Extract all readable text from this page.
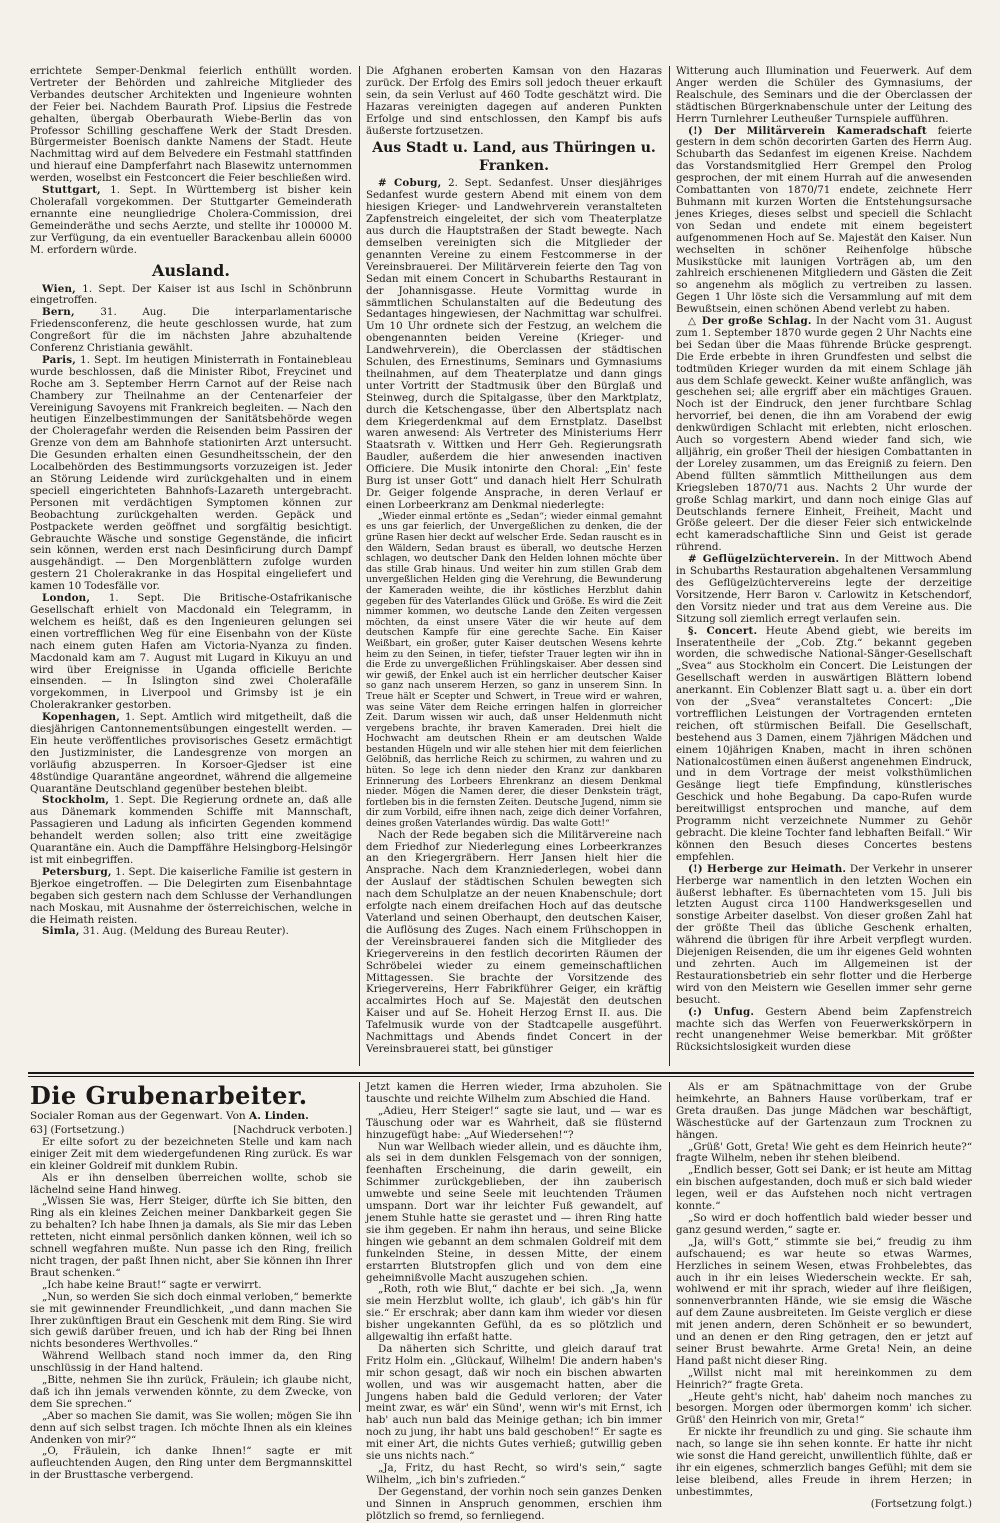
errichtete Semper-Denkmal feierlich enthüllt worden. Vertreter der Behörden und zahlreiche Mitglieder des Verbandes deutscher Architekten und Ingenieure wohnten der Feier bei. Nachdem Baurath Prof. Lipsius die Festrede gehalten, übergab Oberbaurath Wiebe-Berlin das von Professor Schilling geschaffene Werk der Stadt Dresden. Bürgermeister Boenisch dankte Namens der Stadt. Heute Nachmittag wird auf dem Belvedere ein Festmahl stattfinden und hierauf eine Dampferfahrt nach Blasewitz unternommen werden, woselbst ein Festconcert die Feier beschließen wird.

Stuttgart, 1. Sept. In Württemberg ist bisher kein Cholerafall vorgekommen. Der Stuttgarter Gemeinderath ernannte eine neungliedrige Cholera-Commission, drei Gemeinderäthe und sechs Aerzte, und stellte ihr 100000 M. zur Verfügung, da ein eventueller Barackenbau allein 60000 M. erfordern würde.

Ausland.

Wien, 1. Sept. Der Kaiser ist aus Ischl in Schönbrunn eingetroffen.

Bern, 31. Aug. Die interparlamentarische Friedensconferenz, die heute geschlossen wurde, hat zum Congreßort für die im nächsten Jahre abzuhaltende Conferenz Christiania gewählt.

Paris, 1. Sept. Im heutigen Ministerrath in Fontainebleau wurde beschlossen, daß die Minister Ribot, Freycinet und Roche am 3. September Herrn Carnot auf der Reise nach Chambery zur Theilnahme an der Centenarfeier der Vereinigung Savoyens mit Frankreich begleiten. — Nach den heutigen Einzelbestimmungen der Sanitätsbehörde wegen der Choleragefahr werden die Reisenden beim Passiren der Grenze von dem am Bahnhofe stationirten Arzt untersucht. Die Gesunden erhalten einen Gesundheitsschein, der den Localbehörden des Bestimmungsorts vorzuzeigen ist. Jeder an Störung Leidende wird zurückgehalten und in einem speciell eingerichteten Bahnhofs-Lazareth untergebracht. Personen mit verdächtigen Symptomen können zur Beobachtung zurückgehalten werden. Gepäck und Postpackete werden geöffnet und sorgfältig besichtigt. Gebrauchte Wäsche und sonstige Gegenstände, die inficirt sein können, werden erst nach Desinficirung durch Dampf ausgehändigt. — Den Morgenblättern zufolge wurden gestern 21 Cholerakranke in das Hospital eingeliefert und kamen 10 Todesfälle vor.

London, 1. Sept. Die Britische-Ostafrikanische Gesellschaft erhielt von Macdonald ein Telegramm, in welchem es heißt, daß es den Ingenieuren gelungen sei einen vortrefflichen Weg für eine Eisenbahn von der Küste nach einem guten Hafen am Victoria-Nyanza zu finden. Macdonald kam am 7. August mit Lugard in Kikuyu an und wird über Ereignisse in Uganda officielle Berichte einsenden. — In Islington sind zwei Cholerafälle vorgekommen, in Liverpool und Grimsby ist je ein Cholerakranker gestorben.

Kopenhagen, 1. Sept. Amtlich wird mitgetheilt, daß die diesjährigen Cantonnementsübungen eingestellt werden. — Ein heute veröffentliches provisorisches Gesetz ermächtigt den Justizminister, die Landesgrenze von morgen an vorläufig abzusperren. In Korsoer-Gjedser ist eine 48stündige Quarantäne angeordnet, während die allgemeine Quarantäne Deutschland gegenüber bestehen bleibt.

Stockholm, 1. Sept. Die Regierung ordnete an, daß alle aus Dänemark kommenden Schiffe mit Mannschaft, Passagieren und Ladung als inficirten Gegenden kommend behandelt werden sollen; also tritt eine zweitägige Quarantäne ein. Auch die Dampffähre Helsingborg-Helsingör ist mit einbegriffen.

Petersburg, 1. Sept. Die kaiserliche Familie ist gestern in Bjerkoe eingetroffen. — Die Delegirten zum Eisenbahntage begaben sich gestern nach dem Schlusse der Verhandlungen nach Moskau, mit Ausnahme der österreichischen, welche in die Heimath reisten.

Simla, 31. Aug. (Meldung des Bureau Reuter).

Die Afghanen eroberten Kamsan von den Hazaras zurück. Der Erfolg des Emirs soll jedoch theuer erkauft sein, da sein Verlust auf 460 Todte geschätzt wird. Die Hazaras vereinigten dagegen auf anderen Punkten Erfolge und sind entschlossen, den Kampf bis aufs äußerste fortzusetzen.

Aus Stadt u. Land, aus Thüringen u. Franken.

# Coburg, 2. Sept. Sedanfest. Unser diesjähriges Sedanfest wurde gestern Abend mit einem von dem hiesigen Krieger- und Landwehrverein veranstalteten Zapfenstreich eingeleitet, der sich vom Theaterplatze aus durch die Hauptstraßen der Stadt bewegte. Nach demselben vereinigten sich die Mitglieder der genannten Vereine zu einem Festcommerse in der Vereinsbrauerei. Der Militärverein feierte den Tag von Sedan mit einem Concert in Schubarths Restaurant in der Johannisgasse. Heute Vormittag wurde in sämmtlichen Schulanstalten auf die Bedeutung des Sedantages hingewiesen, der Nachmittag war schulfrei. Um 10 Uhr ordnete sich der Festzug, an welchem die obengenannten beiden Vereine (Krieger- und Landwehrverein), die Oberclassen der städtischen Schulen, des Ernestinums, Seminars und Gymnasiums theilnahmen, auf dem Theaterplatze und dann gings unter Vortritt der Stadtmusik über den Bürglaß und Steinweg, durch die Spitalgasse, über den Marktplatz, durch die Ketschengasse, über den Albertsplatz nach dem Kriegerdenkmal auf dem Ernstplatz. Daselbst waren anwesend: Als Vertreter des Ministeriums Herr Staatsrath v. Wittken und Herr Geh. Regierungsrath Baudler, außerdem die hier anwesenden inactiven Officiere. Die Musik intonirte den Choral: „Ein' feste Burg ist unser Gott“ und danach hielt Herr Schulrath Dr. Geiger folgende Ansprache, in deren Verlauf er einen Lorbeerkranz am Denkmal niederlegte:

„Wieder einmal ertönte es „Sedan“; wieder einmal gemahnt es uns gar feierlich, der Unvergeßlichen zu denken, die der grüne Rasen hier deckt auf welscher Erde. Sedan rauscht es in den Wäldern, Sedan braust es überall, wo deutsche Herzen schlagen, wo deutscher Dank den Helden lohnen möchte über das stille Grab hinaus. Und weiter hin zum stillen Grab dem unvergeßlichen Helden ging die Verehrung, die Bewunderung der Kameraden weihte, die ihr köstliches Herzblut dahin gegeben für des Vaterlandes Glück und Größe. Es wird die Zeit nimmer kommen, wo deutsche Lande den Zeiten vergessen möchten, da einst unsere Väter die wir heute auf dem deutschen Kampfe für eine gerechte Sache. Ein Kaiser Weißbart, ein großer, guter Kaiser deutschen Wesens kehrte heim zu den Seinen, in tiefer, tiefster Trauer legten wir ihn in die Erde zu unvergeßlichen Frühlingskaiser. Aber dessen sind wir gewiß, der Enkel auch ist ein herrlicher deutscher Kaiser so ganz nach unserem Herzen, so ganz in unserem Sinn. In Treue hält er Scepter und Schwert, in Treue wird er wahren, was seine Väter dem Reiche erringen halfen in glorreicher Zeit. Darum wissen wir auch, daß unser Heldenmuth nicht vergebens brachte, ihr braven Kameraden. Drei hielt die Hochwacht am deutschen Rhein er am deutschen Walde bestanden Hügeln und wir alle stehen hier mit dem feierlichen Gelöbniß, das herrliche Reich zu schirmen, zu wahren und zu hüten. So lege ich denn nieder den Kranz zur dankbaren Erinnerung des Lorbeers Ehrenkranz an diesem Denkmal nieder. Mögen die Namen derer, die dieser Denkstein trägt, fortleben bis in die fernsten Zeiten. Deutsche Jugend, nimm sie dir zum Vorbild, eifre ihnen nach, zeige dich deiner Vorfahren, deines großen Vaterlandes würdig. Das walte Gott!“

Nach der Rede begaben sich die Militärvereine nach dem Friedhof zur Niederlegung eines Lorbeerkranzes an den Kriegergräbern. Herr Jansen hielt hier die Ansprache. Nach dem Kranzniederlegen, wobei dann der Auslauf der städtischen Schulen bewegten sich nach dem Schulplatze an der neuen Knabenschule; dort erfolgte nach einem dreifachen Hoch auf das deutsche Vaterland und seinen Oberhaupt, den deutschen Kaiser, die Auflösung des Zuges. Nach einem Frühschoppen in der Vereinsbrauerei fanden sich die Mitglieder des Kriegervereins in den festlich decorirten Räumen der Schröbelei wieder zu einem gemeinschaftlichen Mittagessen. Sie brachte der Vorsitzende des Kriegervereins, Herr Fabrikführer Geiger, ein kräftig accalmirtes Hoch auf Se. Majestät den deutschen Kaiser und auf Se. Hoheit Herzog Ernst II. aus. Die Tafelmusik wurde von der Stadtcapelle ausgeführt. Nachmittags und Abends findet Concert in der Vereinsbrauerei statt, bei günstiger

Witterung auch Illumination und Feuerwerk. Auf dem Anger werden die Schüler des Gymnasiums, der Realschule, des Seminars und die der Oberclassen der städtischen Bürgerknabenschule unter der Leitung des Herrn Turnlehrer Leutheußer Turnspiele aufführen.

(!) Der Militärverein Kameradschaft feierte gestern in dem schön decorirten Garten des Herrn Aug. Schubarth das Sedanfest im eigenen Kreise. Nachdem das Vorstandsmitglied Herr Grempel den Prolog gesprochen, der mit einem Hurrah auf die anwesenden Combattanten von 1870/71 endete, zeichnete Herr Buhmann mit kurzen Worten die Entstehungsursache jenes Krieges, dieses selbst und speciell die Schlacht von Sedan und endete mit einem begeistert aufgenommenen Hoch auf Se. Majestät den Kaiser. Nun wechselten in schöner Reihenfolge hübsche Musikstücke mit launigen Vorträgen ab, um den zahlreich erschienenen Mitgliedern und Gästen die Zeit so angenehm als möglich zu vertreiben zu lassen. Gegen 1 Uhr löste sich die Versammlung auf mit dem Bewußtsein, einen schönen Abend verlebt zu haben.

△ Der große Schlag. In der Nacht vom 31. August zum 1. September 1870 wurde gegen 2 Uhr Nachts eine bei Sedan über die Maas führende Brücke gesprengt. Die Erde erbebte in ihren Grundfesten und selbst die todtmüden Krieger wurden da mit einem Schlage jäh aus dem Schlafe geweckt. Keiner wußte anfänglich, was geschehen sei; alle ergriff aber ein mächtiges Grauen. Noch ist der Eindruck, den jener furchtbare Schlag hervorrief, bei denen, die ihn am Vorabend der ewig denkwürdigen Schlacht mit erlebten, nicht erloschen. Auch so vorgestern Abend wieder fand sich, wie alljährig, ein großer Theil der hiesigen Combattanten in der Loreley zusammen, um das Ereigniß zu feiern. Den Abend füllten sämmtlich Mittheilungen aus dem Kriegsleben 1870/71 aus. Nachts 2 Uhr wurde der große Schlag markirt, und dann noch einige Glas auf Deutschlands fernere Einheit, Freiheit, Macht und Größe geleert. Der die dieser Feier sich entwickelnde echt kameradschaftliche Sinn und Geist ist gerade rührend.

# Geflügelzüchterverein. In der Mittwoch Abend in Schubarths Restauration abgehaltenen Versammlung des Geflügelzüchtervereins legte der derzeitige Vorsitzende, Herr Baron v. Carlowitz in Ketschendorf, den Vorsitz nieder und trat aus dem Vereine aus. Die Sitzung soll ziemlich erregt verlaufen sein.

§. Concert. Heute Abend giebt, wie bereits im Inseratentheile der „Cob. Ztg.“ bekannt gegeben worden, die schwedische National-Sänger-Gesellschaft „Svea“ aus Stockholm ein Concert. Die Leistungen der Gesellschaft werden in auswärtigen Blättern lobend anerkannt. Ein Coblenzer Blatt sagt u. a. über ein dort von der „Svea“ veranstaltetes Concert: „Die vortrefflichen Leistungen der Vortragenden ernteten reichen, oft stürmischen Beifall. Die Gesellschaft, bestehend aus 3 Damen, einem 7jährigen Mädchen und einem 10jährigen Knaben, macht in ihren schönen Nationalcostümen einen äußerst angenehmen Eindruck, und in dem Vortrage der meist volksthümlichen Gesänge liegt tiefe Empfindung, künstlerisches Geschick und hohe Begabung. Da capo-Rufen wurde bereitwilligst entsprochen und manche, auf dem Programm nicht verzeichnete Nummer zu Gehör gebracht. Die kleine Tochter fand lebhaften Beifall.“ Wir können den Besuch dieses Concertes bestens empfehlen.

(!) Herberge zur Heimath. Der Verkehr in unserer Herberge war namentlich in den letzten Wochen ein äußerst lebhafter. Es übernachteten vom 15. Juli bis letzten August circa 1100 Handwerksgesellen und sonstige Arbeiter daselbst. Von dieser großen Zahl hat der größte Theil das übliche Geschenk erhalten, während die übrigen für ihre Arbeit verpflegt wurden. Diejenigen Reisenden, die um ihr eigenes Geld wohnten und zehrten. Auch im Allgemeinen ist der Restaurationsbetrieb ein sehr flotter und die Herberge wird von den Meistern wie Gesellen immer sehr gerne besucht.

(:) Unfug. Gestern Abend beim Zapfenstreich machte sich das Werfen von Feuerwerkskörpern in recht unangenehmer Weise bemerkbar. Mit größter Rücksichtslosigkeit wurden diese

Die Grubenarbeiter.
Socialer Roman aus der Gegenwart. Von A. Linden.

63] (Fortsetzung.)	[Nachdruck verboten.]

Er eilte sofort zu der bezeichneten Stelle und kam nach einiger Zeit mit dem wiedergefundenen Ring zurück. Es war ein kleiner Goldreif mit dunklem Rubin.

Als er ihn denselben überreichen wollte, schob sie lächelnd seine Hand hinweg.

„Wissen Sie was, Herr Steiger, dürfte ich Sie bitten, den Ring als ein kleines Zeichen meiner Dankbarkeit gegen Sie zu behalten? Ich habe Ihnen ja damals, als Sie mir das Leben retteten, nicht einmal persönlich danken können, weil ich so schnell wegfahren mußte. Nun passe ich den Ring, freilich nicht tragen, der paßt Ihnen nicht, aber Sie können ihn Ihrer Braut schenken.“

„Ich habe keine Braut!“ sagte er verwirrt.

„Nun, so werden Sie sich doch einmal verloben,“ bemerkte sie mit gewinnender Freundlichkeit, „und dann machen Sie Ihrer zukünftigen Braut ein Geschenk mit dem Ring. Sie wird sich gewiß darüber freuen, und ich hab der Ring bei Ihnen nichts besonderes Werthvolles.“

Während Wellbach stand noch immer da, den Ring unschlüssig in der Hand haltend.

„Bitte, nehmen Sie ihn zurück, Fräulein; ich glaube nicht, daß ich ihn jemals verwenden könnte, zu dem Zwecke, von dem Sie sprechen.“

„Aber so machen Sie damit, was Sie wollen; mögen Sie ihn denn auf sich selbst tragen. Ich möchte Ihnen als ein kleines Andenken von mir?“

„O, Fräulein, ich danke Ihnen!“ sagte er mit aufleuchtenden Augen, den Ring unter dem Bergmannskittel in der Brusttasche verbergend.

Jetzt kamen die Herren wieder, Irma abzuholen. Sie tauschte und reichte Wilhelm zum Abschied die Hand.

„Adieu, Herr Steiger!“ sagte sie laut, und — war es Täuschung oder war es Wahrheit, daß sie flüsternd hinzugefügt habe: „Auf Wiedersehen!“?

Nun war Wellbach wieder allein, und es däuchte ihm, als sei in dem dunklen Felsgemach von der sonnigen, feenhaften Erscheinung, die darin geweilt, ein Schimmer zurückgeblieben, der ihn zauberisch umwebte und seine Seele mit leuchtenden Träumen umspann. Dort war ihr leichter Fuß gewandelt, auf jenem Stuhle hatte sie gerastet und — ihren Ring hatte sie ihm gegeben. Er nahm ihn heraus, und seine Blicke hingen wie gebannt an dem schmalen Goldreif mit dem funkelnden Steine, in dessen Mitte, der einem erstarrten Blutstropfen glich und von dem eine geheimnißvolle Macht auszugehen schien.

„Roth, roth wie Blut,“ dachte er bei sich. „Ja, wenn sie mein Herzblut wollte, ich glaub', ich gäb's hin für sie.“ Er erschrak; aber dann kam ihm wieder vor diesen bisher ungekannten Gefühl, da es so plötzlich und allgewaltig ihn erfaßt hatte.

Da näherten sich Schritte, und gleich darauf trat Fritz Holm ein. „Glückauf, Wilhelm! Die andern haben's mir schon gesagt, daß wir noch ein bischen abwarten wollen, und was wir ausgemacht hatten, aber die Jungens haben bald die Geduld verloren; der Vater meint zwar, es wär' ein Sünd', wenn wir's mit Ernst, ich hab' auch nun bald das Meinige gethan; ich bin immer noch zu jung, ihr habt uns bald geschoben!“ Er sagte es mit einer Art, die nichts Gutes verhieß; gutwillig geben sie uns nichts nach.“

„Ja, Fritz, du hast Recht, so wird's sein,“ sagte Wilhelm, „ich bin's zufrieden.“

Der Gegenstand, der vorhin noch sein ganzes Denken und Sinnen in Anspruch genommen, erschien ihm plötzlich so fremd, so fernliegend.

Als er am Spätnachmittage von der Grube heimkehrte, an Bahners Hause vorüberkam, traf er Greta draußen. Das junge Mädchen war beschäftigt, Wäschestücke auf der Gartenzaun zum Trocknen zu hängen.

„Grüß' Gott, Greta! Wie geht es dem Heinrich heute?“ fragte Wilhelm, neben ihr stehen bleibend.

„Endlich besser, Gott sei Dank; er ist heute am Mittag ein bischen aufgestanden, doch muß er sich bald wieder legen, weil er das Aufstehen noch nicht vertragen konnte.“

„So wird er doch hoffentlich bald wieder besser und ganz gesund werden,“ sagte er.

„Ja, will's Gott,“ stimmte sie bei,“ freudig zu ihm aufschauend; es war heute so etwas Warmes, Herzliches in seinem Wesen, etwas Frohbelebtes, das auch in ihr ein leises Wiederschein weckte. Er sah, wohlwend er mit ihr sprach, wieder auf ihre fleißigen, sonnenverbrannten Hände, wie sie emsig die Wäsche auf dem Zaune ausbreiteten. Im Geiste verglich er diese mit jenen andern, deren Schönheit er so bewundert, und an denen er den Ring getragen, den er jetzt auf seiner Brust bewahrte. Arme Greta! Nein, an deine Hand paßt nicht dieser Ring.

„Willst nicht mal mit hereinkommen zu dem Heinrich?“ fragte Greta.

„Heute geht's nicht, hab' daheim noch manches zu besorgen. Morgen oder übermorgen komm' ich sicher. Grüß' den Heinrich von mir, Greta!“

Er nickte ihr freundlich zu und ging. Sie schaute ihm nach, so lange sie ihn sehen konnte. Er hatte ihr nicht wie sonst die Hand gereicht, unwillentlich fühlte, daß er ihr ein eigenes, schmerzlich banges Gefühl; mit dem sie leise bleibend, alles Freude in ihrem Herzen; in unbestimmtes,

(Fortsetzung folgt.)
